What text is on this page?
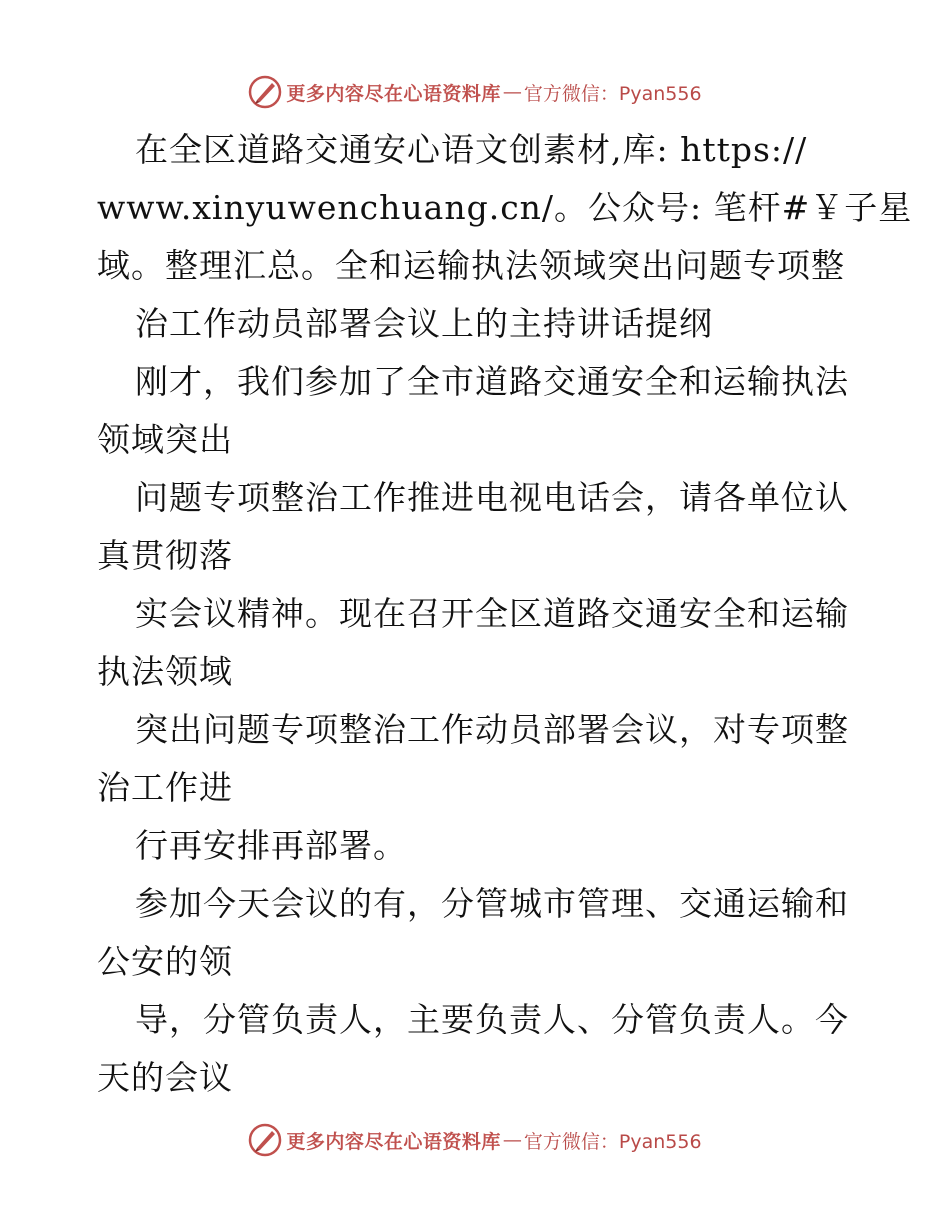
更多内容尽在心语资料库 — 官方微信：Pyan556
在全区道路交通安心语文创素材,库: https://
www.xinyuwenchuang.cn/。公众号: 笔杆#￥子星
域。整理汇总。全和运输执法领域突出问题专项整
治工作动员部署会议上的主持讲话提纲
刚才，我们参加了全市道路交通安全和运输执法
领域突出
问题专项整治工作推进电视电话会，请各单位认
真贯彻落
实会议精神。现在召开全区道路交通安全和运输
执法领域
突出问题专项整治工作动员部署会议，对专项整
治工作进
行再安排再部署。
参加今天会议的有，分管城市管理、交通运输和
公安的领
导，分管负责人，主要负责人、分管负责人。今
天的会议
更多内容尽在心语资料库 — 官方微信：Pyan556
